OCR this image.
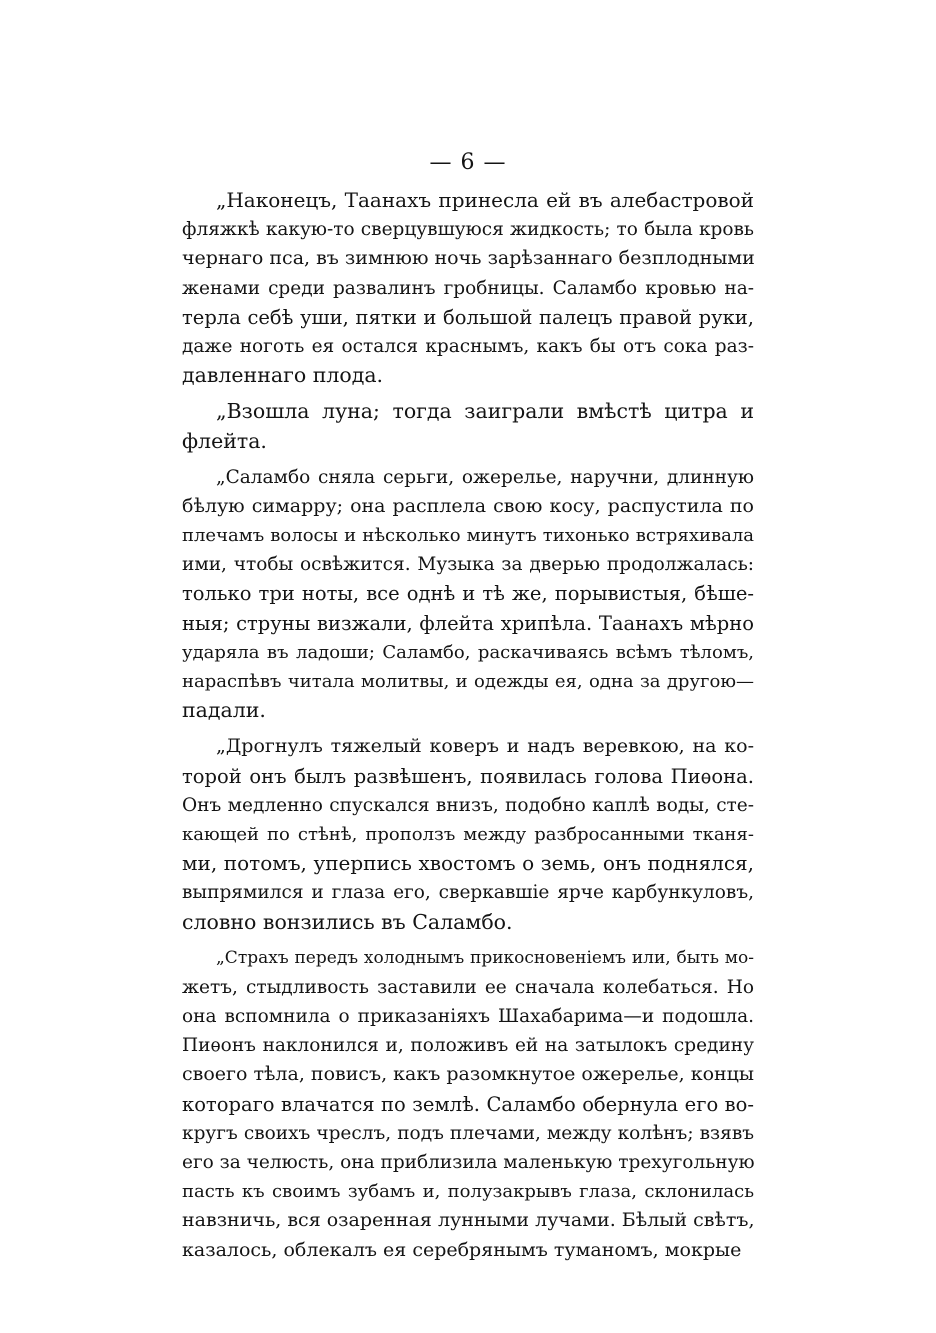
— 6 —
„Наконецъ, Таанахъ принесла ей въ алебастровой
фляжкѣ какую-то сверцувшуюся жидкость; то была кровь
чернаго пса, въ зимнюю ночь зарѣзаннаго безплодными
женами среди развалинъ гробницы. Саламбо кровью на-
терла себѣ уши, пятки и большой палецъ правой руки,
даже ноготь ея остался краснымъ, какъ бы отъ сока раз-
давленнаго плода.
„Взошла луна; тогда заиграли вмѣстѣ цитра и
флейта.
„Саламбо сняла серьги, ожерелье, наручни, длинную
бѣлую симарру; она расплела свою косу, распустила по
плечамъ волосы и нѣсколько минутъ тихонько встряхивала
ими, чтобы освѣжится. Музыка за дверью продолжалась:
только три ноты, все однѣ и тѣ же, порывистыя, бѣше-
ныя; струны визжали, флейта хрипѣла. Таанахъ мѣрно
ударяла въ ладоши; Саламбо, раскачиваясь всѣмъ тѣломъ,
нараспѣвъ читала молитвы, и одежды ея, одна за другою—
падали.
„Дрогнулъ тяжелый коверъ и надъ веревкою, на ко-
торой онъ былъ развѣшенъ, появилась голова Пиѳона.
Онъ медленно спускался внизъ, подобно каплѣ воды, сте-
кающей по стѣнѣ, проползъ между разбросанными тканя-
ми, потомъ, уперпись хвостомъ о земь, онъ поднялся,
выпрямился и глаза его, сверкавшіе ярче карбункуловъ,
словно вонзились въ Саламбо.
„Страхъ передъ холоднымъ прикосновеніемъ или, быть мо-
жетъ, стыдливость заставили ее сначала колебаться. Но
она вспомнила о приказаніяхъ Шахабарима—и подошла.
Пиѳонъ наклонился и, положивъ ей на затылокъ средину
своего тѣла, повисъ, какъ разомкнутое ожерелье, концы
котораго влачатся по землѣ. Саламбо обернула его во-
кругъ своихъ чреслъ, подъ плечами, между колѣнъ; взявъ
его за челюсть, она приблизила маленькую трехугольную
пасть къ своимъ зубамъ и, полузакрывъ глаза, склонилась
навзничь, вся озаренная лунными лучами. Бѣлый свѣтъ,
казалось, облекалъ ея серебрянымъ туманомъ, мокрые
